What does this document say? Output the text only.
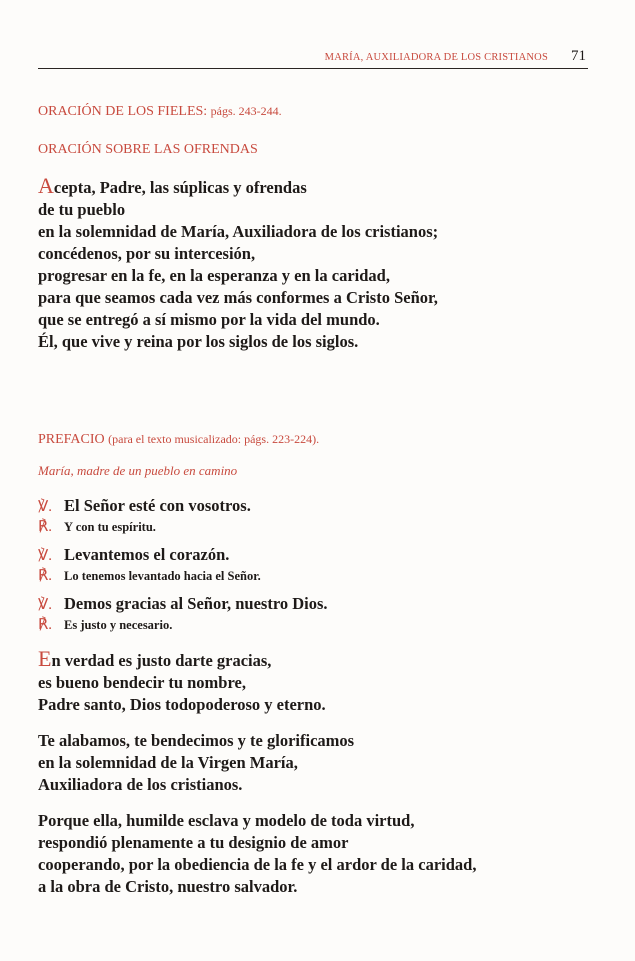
MARÍA, AUXILIADORA DE LOS CRISTIANOS 71

ORACIÓN DE LOS FIELES: págs. 243-244.

ORACIÓN SOBRE LAS OFRENDAS

Acepta, Padre, las súplicas y ofrendas

de tu pueblo

en la solemnidad de María, Auxiliadora de los cristianos;

concédenos, por su intercesión,

progresar en la fe, en la esperanza y en la caridad,

para que seamos cada vez más conformes a Cristo Señor,

que se entregó a sí mismo por la vida del mundo.

Él, que vive y reina por los siglos de los siglos.

PREFACIO (para el texto musicalizado: págs. 223-224).

María, madre de un pueblo en camino

℣. El Señor esté con vosotros.
℟. Y con tu espíritu.
℣. Levantemos el corazón.
℟. Lo tenemos levantado hacia el Señor.
℣. Demos gracias al Señor, nuestro Dios.
℟. Es justo y necesario.

En verdad es justo darte gracias,

es bueno bendecir tu nombre,

Padre santo, Dios todopoderoso y eterno.

Te alabamos, te bendecimos y te glorificamos

en la solemnidad de la Virgen María,

Auxiliadora de los cristianos.

Porque ella, humilde esclava y modelo de toda virtud,

respondió plenamente a tu designio de amor

cooperando, por la obediencia de la fe y el ardor de la caridad,

a la obra de Cristo, nuestro salvador.
